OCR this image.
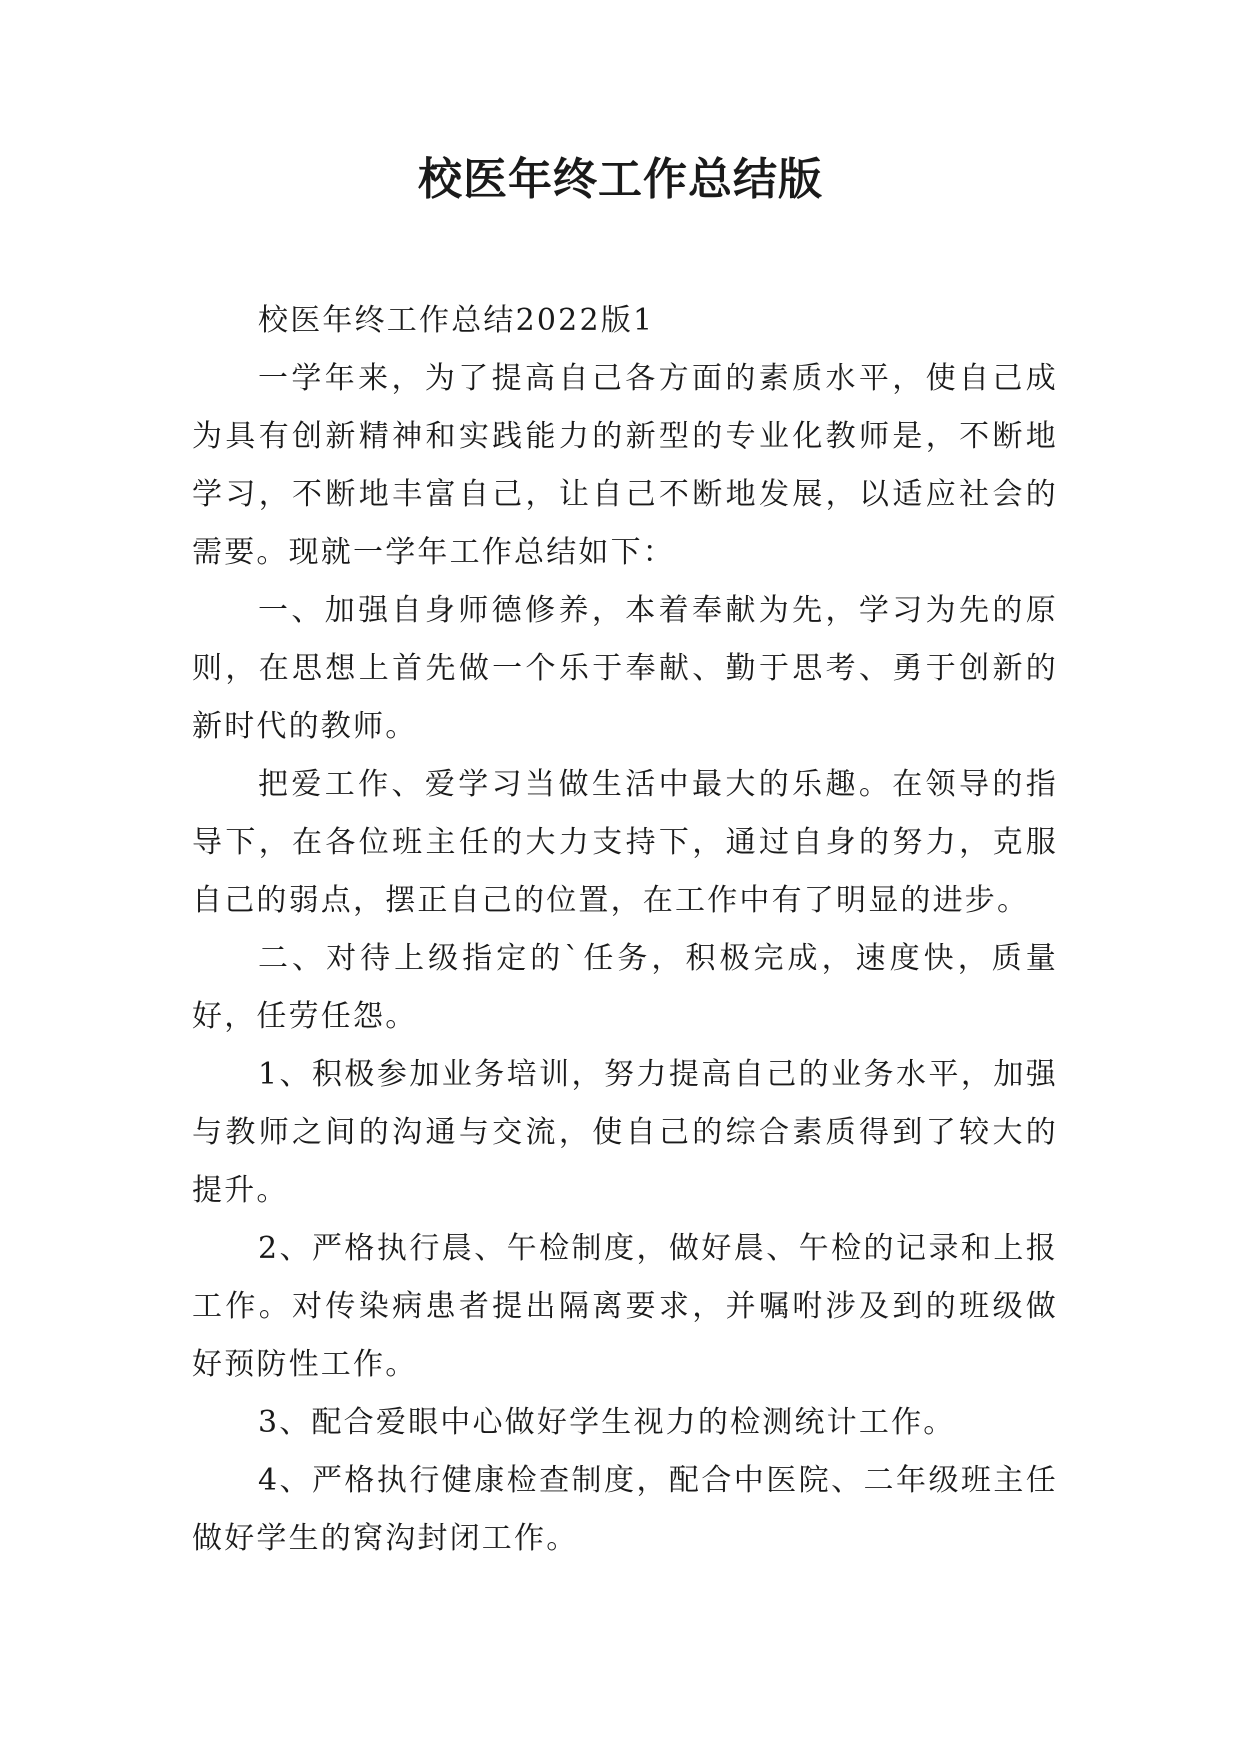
校医年终工作总结版

校医年终工作总结2022版1

一学年来，为了提高自己各方面的素质水平，使自己成为具有创新精神和实践能力的新型的专业化教师是，不断地学习，不断地丰富自己，让自己不断地发展，以适应社会的需要。现就一学年工作总结如下：

一、加强自身师德修养，本着奉献为先，学习为先的原则，在思想上首先做一个乐于奉献、勤于思考、勇于创新的新时代的教师。

把爱工作、爱学习当做生活中最大的乐趣。在领导的指导下，在各位班主任的大力支持下，通过自身的努力，克服自己的弱点，摆正自己的位置，在工作中有了明显的进步。

二、对待上级指定的`任务，积极完成，速度快，质量好，任劳任怨。

1、积极参加业务培训，努力提高自己的业务水平，加强与教师之间的沟通与交流，使自己的综合素质得到了较大的提升。

2、严格执行晨、午检制度，做好晨、午检的记录和上报工作。对传染病患者提出隔离要求，并嘱咐涉及到的班级做好预防性工作。

3、配合爱眼中心做好学生视力的检测统计工作。

4、严格执行健康检查制度，配合中医院、二年级班主任做好学生的窝沟封闭工作。
